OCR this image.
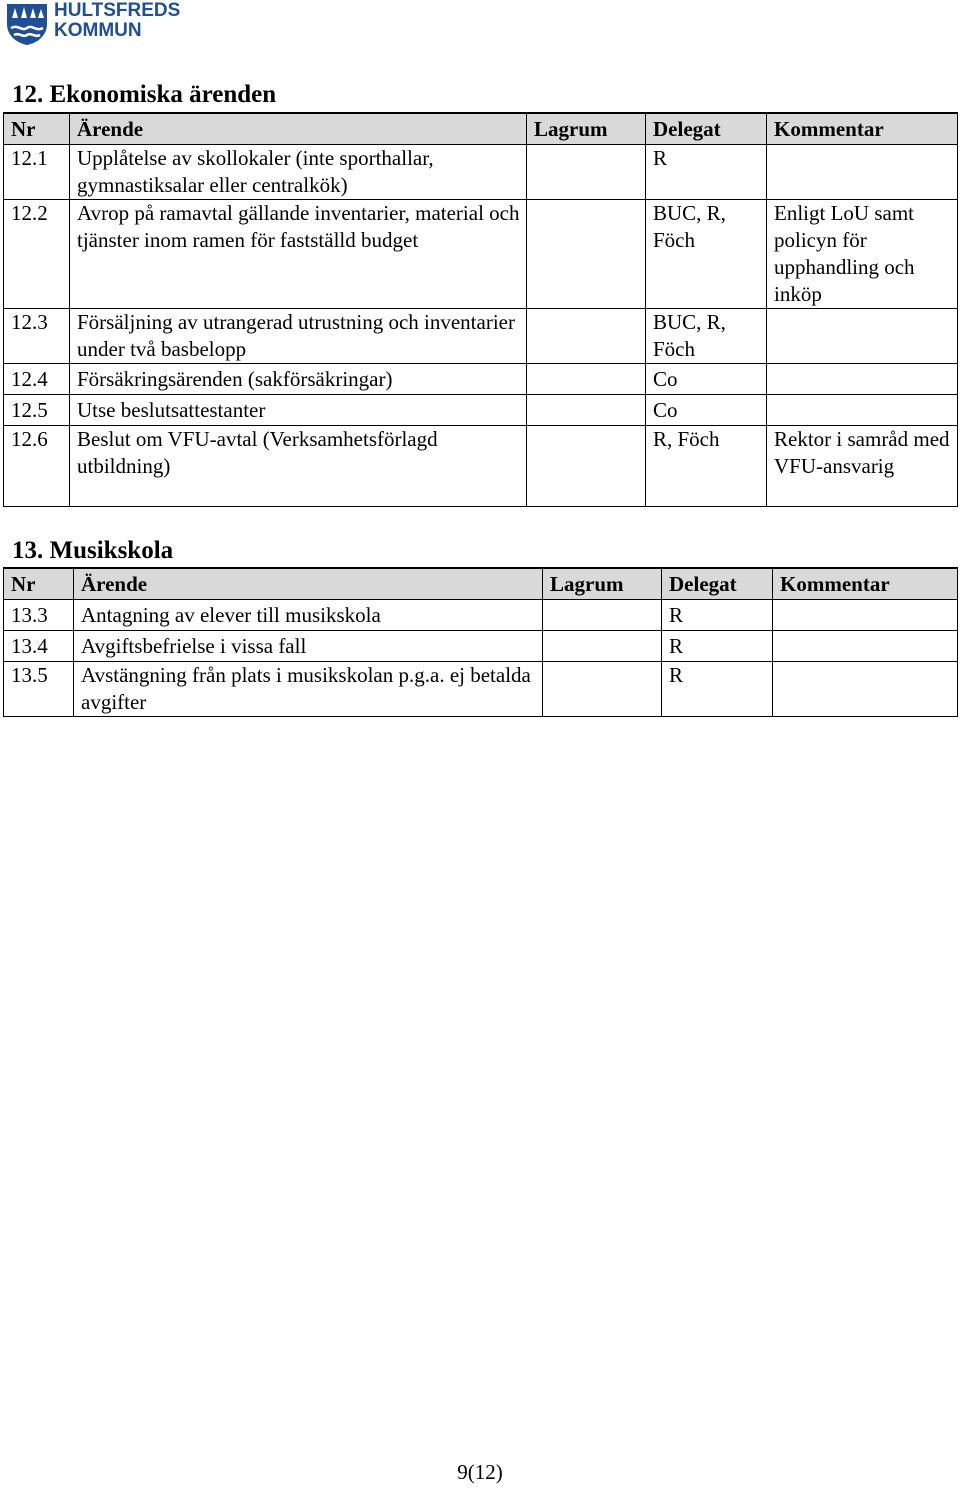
HULTSFREDS
KOMMUN
12. Ekonomiska ärenden
Nr	Ärende	Lagrum	Delegat	Kommentar
12.1	Upplåtelse av skollokaler (inte sporthallar, gymnastiksalar eller centralkök)		R	
12.2	Avrop på ramavtal gällande inventarier, material och tjänster inom ramen för fastställd budget		BUC, R, Föch	Enligt LoU samt policyn för upphandling och inköp
12.3	Försäljning av utrangerad utrustning och inventarier under två basbelopp		BUC, R, Föch	
12.4	Försäkringsärenden (sakförsäkringar)		Co	
12.5	Utse beslutsattestanter		Co	
12.6	Beslut om VFU-avtal (Verksamhetsförlagd utbildning)		R, Föch	Rektor i samråd med VFU-ansvarig
13. Musikskola
Nr	Ärende	Lagrum	Delegat	Kommentar
13.3	Antagning av elever till musikskola		R	
13.4	Avgiftsbefrielse i vissa fall		R	
13.5	Avstängning från plats i musikskolan p.g.a. ej betalda avgifter		R	
9(12)
